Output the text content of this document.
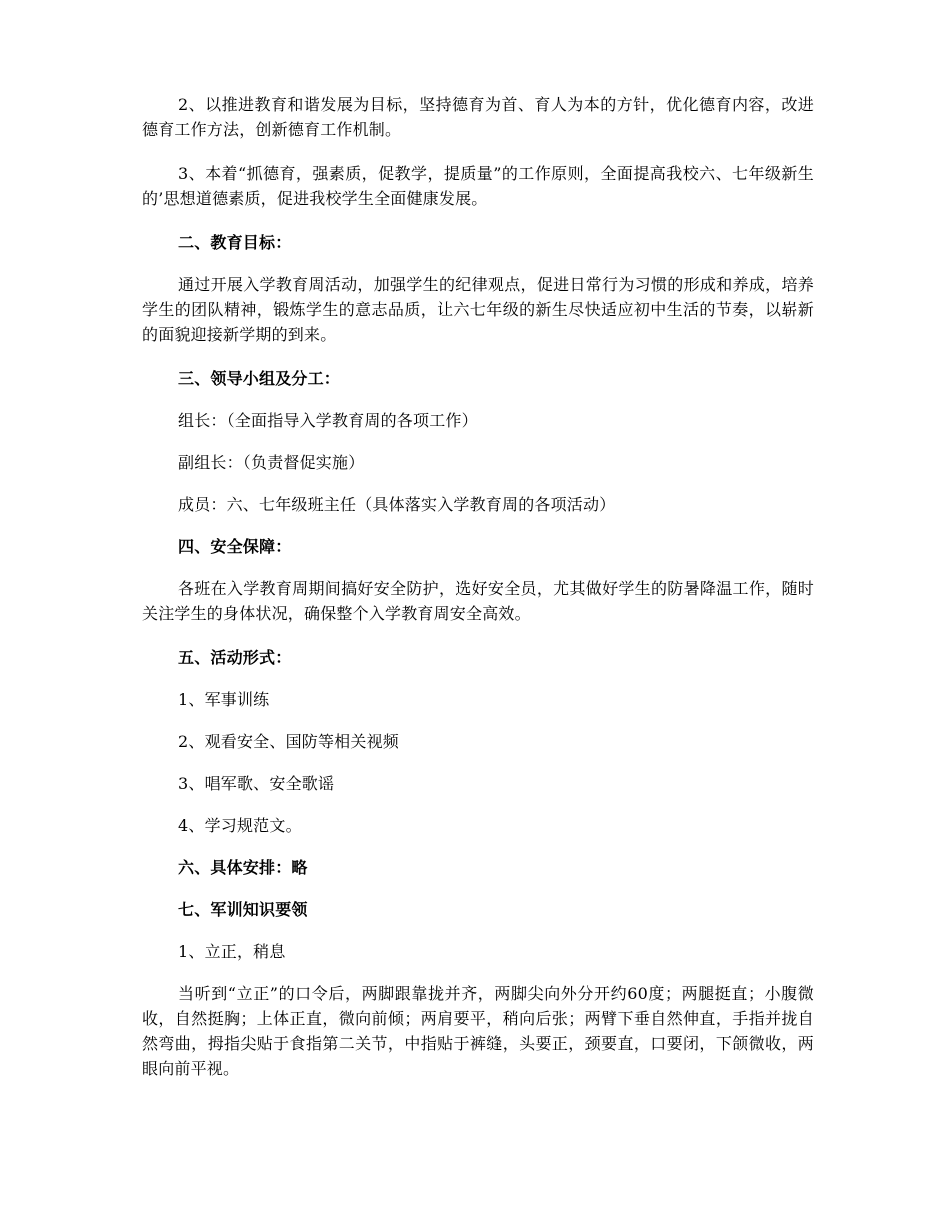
2、以推进教育和谐发展为目标，坚持德育为首、育人为本的方针，优化德育内容，改进德育工作方法，创新德育工作机制。

3、本着“抓德育，强素质，促教学，提质量”的工作原则，全面提高我校六、七年级新生的’思想道德素质，促进我校学生全面健康发展。

二、教育目标：

通过开展入学教育周活动，加强学生的纪律观点，促进日常行为习惯的形成和养成，培养学生的团队精神，锻炼学生的意志品质，让六七年级的新生尽快适应初中生活的节奏，以崭新的面貌迎接新学期的到来。

三、领导小组及分工：

组长：（全面指导入学教育周的各项工作）

副组长：（负责督促实施）

成员：六、七年级班主任（具体落实入学教育周的各项活动）

四、安全保障：

各班在入学教育周期间搞好安全防护，选好安全员，尤其做好学生的防暑降温工作，随时关注学生的身体状况，确保整个入学教育周安全高效。

五、活动形式：

1、军事训练

2、观看安全、国防等相关视频

3、唱军歌、安全歌谣

4、学习规范文。

六、具体安排：略

七、军训知识要领

1、立正，稍息

当听到“立正”的口令后，两脚跟靠拢并齐，两脚尖向外分开约60度；两腿挺直；小腹微收，自然挺胸；上体正直，微向前倾；两肩要平，稍向后张；两臂下垂自然伸直，手指并拢自然弯曲，拇指尖贴于食指第二关节，中指贴于裤缝，头要正，颈要直，口要闭，下颌微收，两眼向前平视。
